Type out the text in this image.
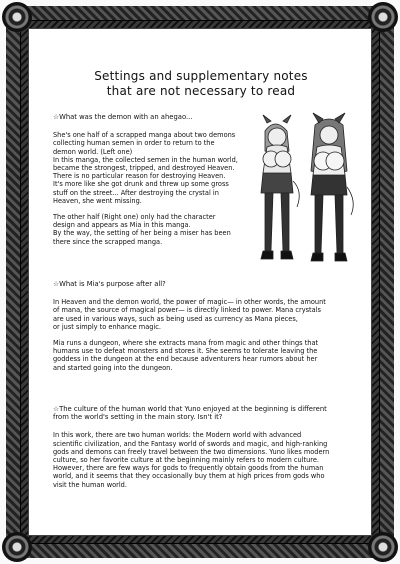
Settings and supplementary notes
that are not necessary to read
☆What was the demon with an ahegao...
She's one half of a scrapped manga about two demons
collecting human semen in order to return to the
demon world. (Left one)
In this manga, the collected semen in the human world,
became the strongest, tripped, and destroyed Heaven.
There is no particular reason for destroying Heaven.
It's more like she got drunk and threw up some gross
stuff on the street... After destroying the crystal in
Heaven, she went missing.
The other half (Right one) only had the character
design and appears as Mia in this manga.
By the way, the setting of her being a miser has been
there since the scrapped manga.
☆What is Mia's purpose after all?
In Heaven and the demon world, the power of magic— in other words, the amount
of mana, the source of magical power— is directly linked to power. Mana crystals
are used in various ways, such as being used as currency as Mana pieces,
or just simply to enhance magic.
Mia runs a dungeon, where she extracts mana from magic and other things that
humans use to defeat monsters and stores it. She seems to tolerate leaving the
goddess in the dungeon at the end because adventurers hear rumors about her
and started going into the dungeon.
☆The culture of the human world that Yuno enjoyed at the beginning is different
from the world's setting in the main story. Isn't it?
In this work, there are two human worlds: the Modern world with advanced
scientific civilization, and the Fantasy world of swords and magic, and high-ranking
gods and demons can freely travel between the two dimensions. Yuno likes modern
culture, so her favorite culture at the beginning mainly refers to modern culture.
However, there are few ways for gods to frequently obtain goods from the human
world, and it seems that they occasionally buy them at high prices from gods who
visit the human world.
